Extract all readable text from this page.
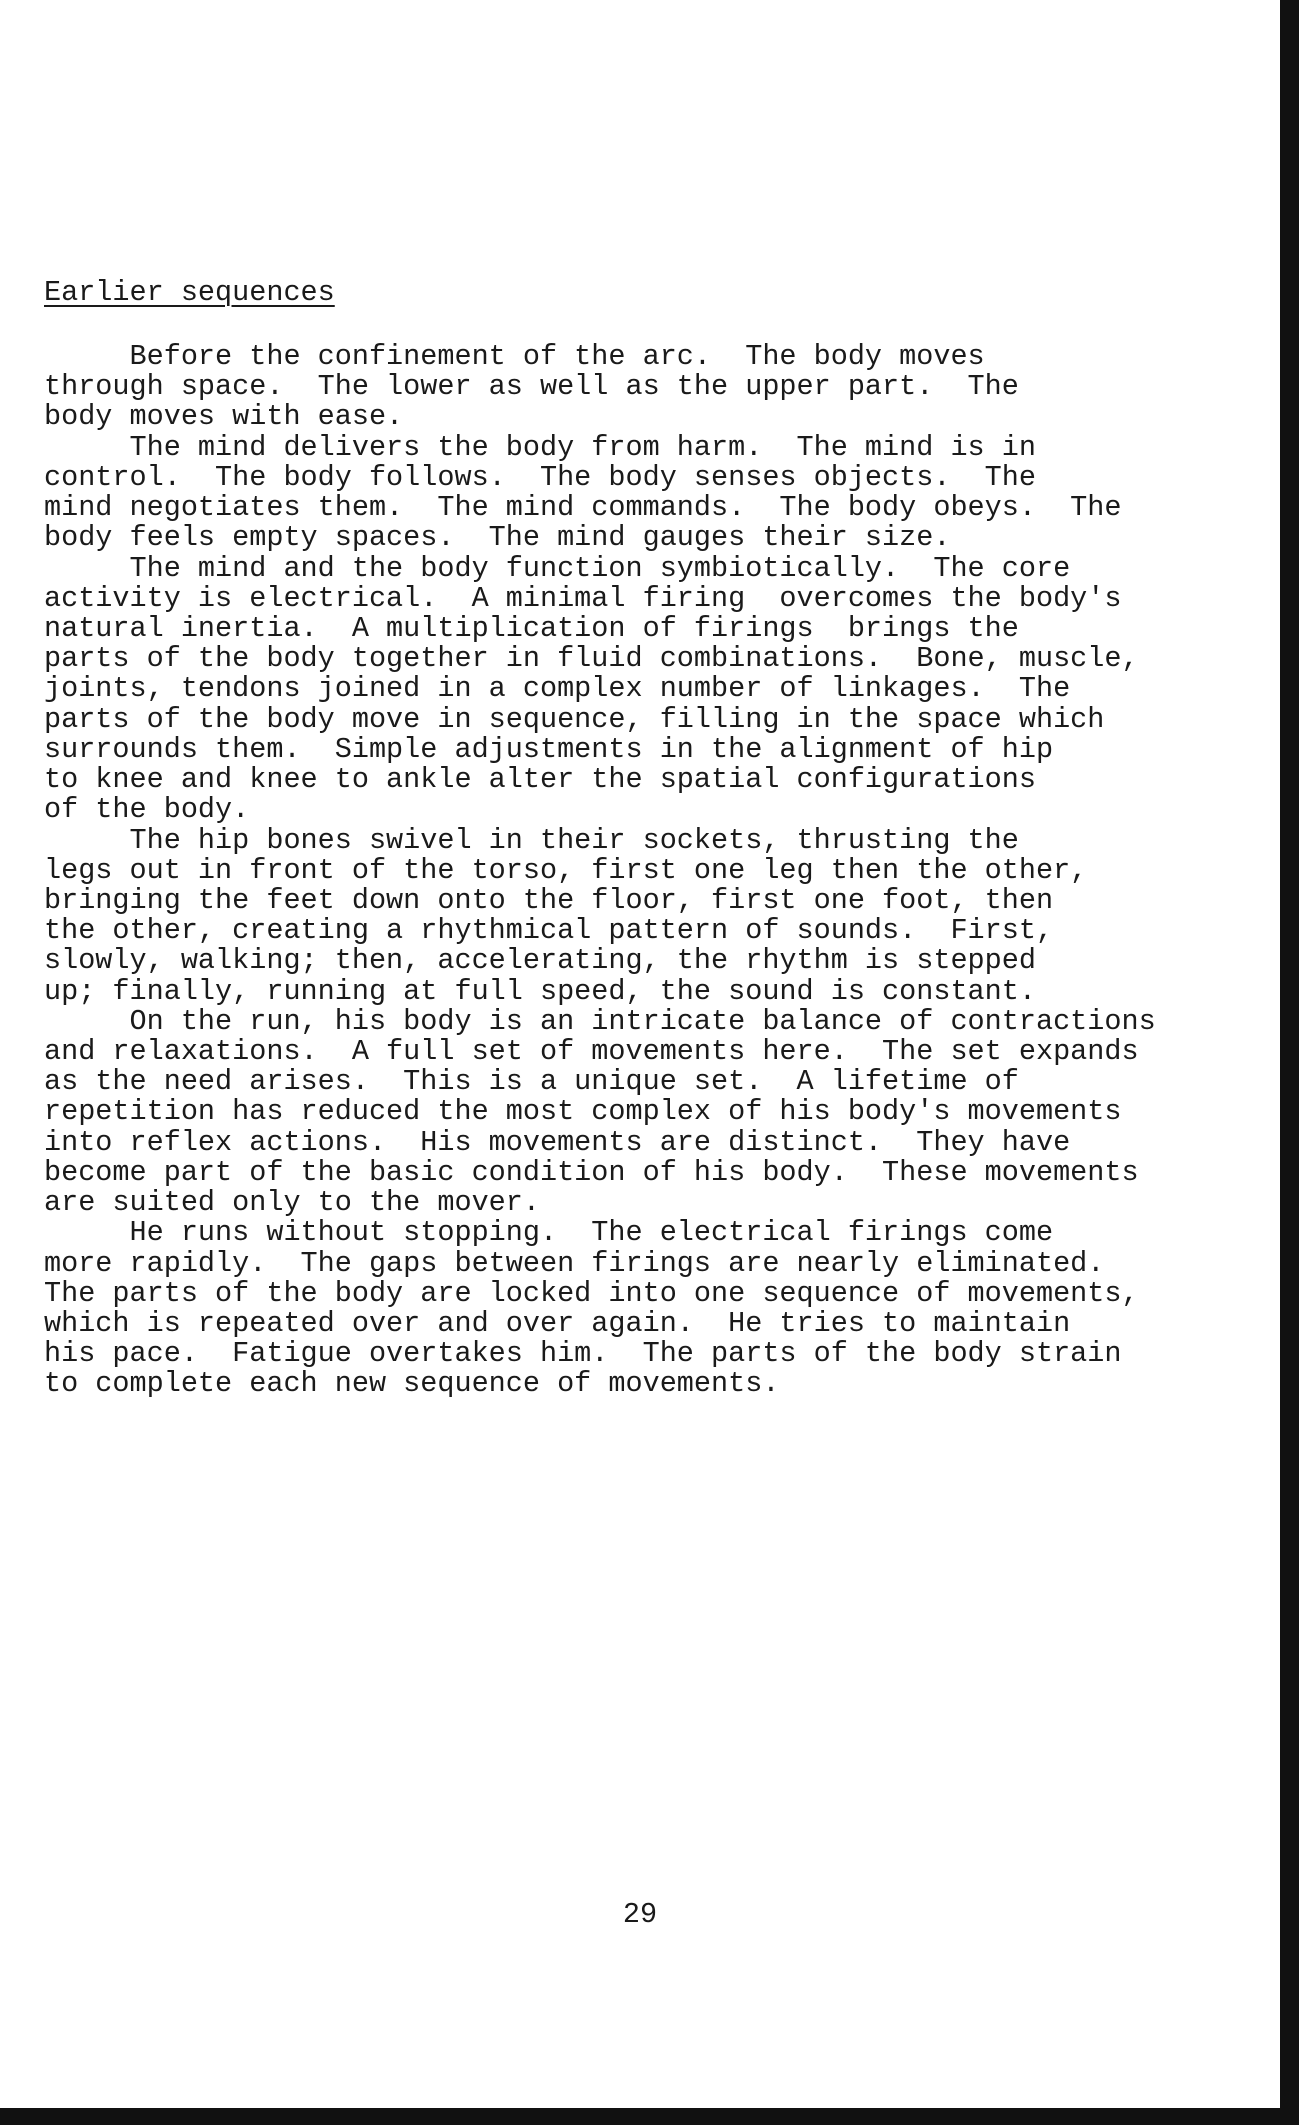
Earlier sequences
Before the confinement of the arc.  The body moves
through space.  The lower as well as the upper part.  The
body moves with ease.
The mind delivers the body from harm.  The mind is in
control.  The body follows.  The body senses objects.  The
mind negotiates them.  The mind commands.  The body obeys.  The
body feels empty spaces.  The mind gauges their size.
The mind and the body function symbiotically.  The core
activity is electrical.  A minimal firing  overcomes the body's
natural inertia.  A multiplication of firings  brings the
parts of the body together in fluid combinations.  Bone, muscle,
joints, tendons joined in a complex number of linkages.  The
parts of the body move in sequence, filling in the space which
surrounds them.  Simple adjustments in the alignment of hip
to knee and knee to ankle alter the spatial configurations
of the body.
The hip bones swivel in their sockets, thrusting the
legs out in front of the torso, first one leg then the other,
bringing the feet down onto the floor, first one foot, then
the other, creating a rhythmical pattern of sounds.  First,
slowly, walking; then, accelerating, the rhythm is stepped
up; finally, running at full speed, the sound is constant.
On the run, his body is an intricate balance of contractions
and relaxations.  A full set of movements here.  The set expands
as the need arises.  This is a unique set.  A lifetime of
repetition has reduced the most complex of his body's movements
into reflex actions.  His movements are distinct.  They have
become part of the basic condition of his body.  These movements
are suited only to the mover.
He runs without stopping.  The electrical firings come
more rapidly.  The gaps between firings are nearly eliminated.
The parts of the body are locked into one sequence of movements,
which is repeated over and over again.  He tries to maintain
his pace.  Fatigue overtakes him.  The parts of the body strain
to complete each new sequence of movements.
29
